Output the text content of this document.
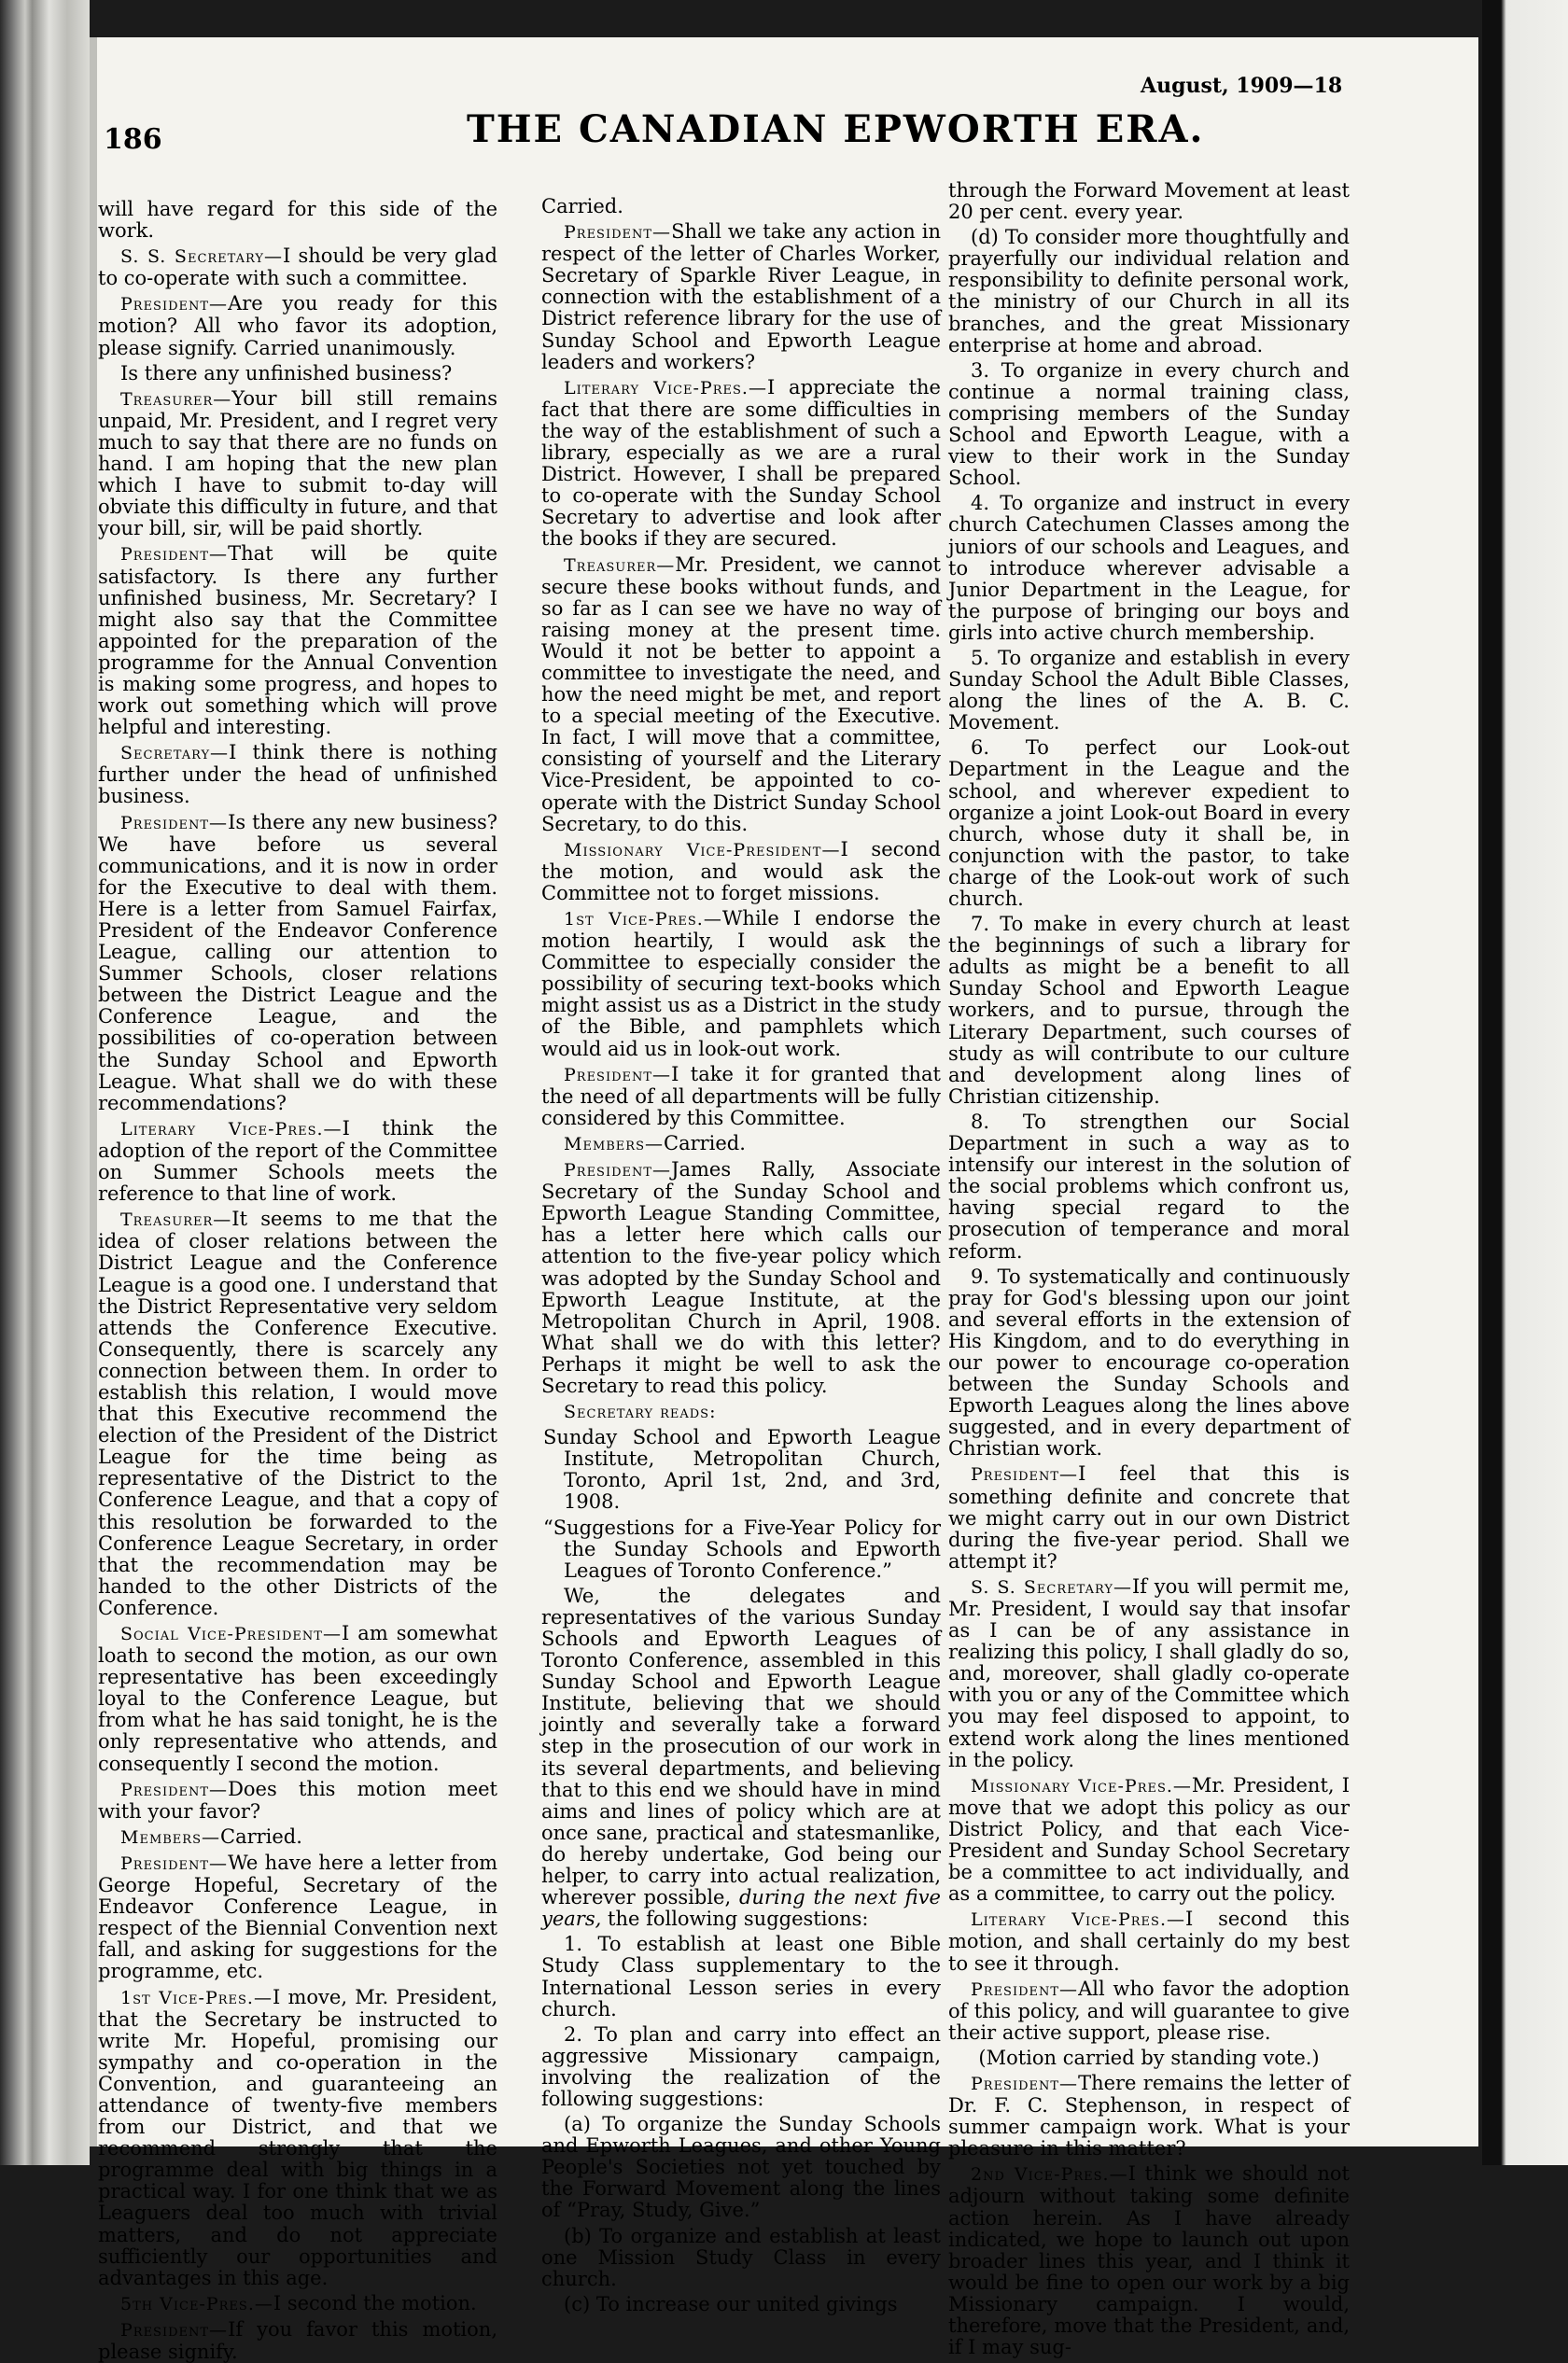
186	THE CANADIAN EPWORTH ERA.
August, 1909—18

will have regard for this side of the work.

S. S. Secretary—I should be very glad to co-operate with such a committee.

President—Are you ready for this motion? All who favor its adoption, please signify. Carried unanimously.

Is there any unfinished business?

Treasurer—Your bill still remains unpaid, Mr. President, and I regret very much to say that there are no funds on hand. I am hoping that the new plan which I have to submit to-day will obviate this difficulty in future, and that your bill, sir, will be paid shortly.

President—That will be quite satisfactory. Is there any further unfinished business, Mr. Secretary? I might also say that the Committee appointed for the preparation of the programme for the Annual Convention is making some progress, and hopes to work out something which will prove helpful and interesting.

Secretary—I think there is nothing further under the head of unfinished business.

President—Is there any new business? We have before us several communications, and it is now in order for the Executive to deal with them. Here is a letter from Samuel Fairfax, President of the Endeavor Conference League, calling our attention to Summer Schools, closer relations between the District League and the Conference League, and the possibilities of co-operation between the Sunday School and Epworth League. What shall we do with these recommendations?

Literary Vice-Pres.—I think the adoption of the report of the Committee on Summer Schools meets the reference to that line of work.

Treasurer—It seems to me that the idea of closer relations between the District League and the Conference League is a good one. I understand that the District Representative very seldom attends the Conference Executive. Consequently, there is scarcely any connection between them. In order to establish this relation, I would move that this Executive recommend the election of the President of the District League for the time being as representative of the District to the Conference League, and that a copy of this resolution be forwarded to the Conference League Secretary, in order that the recommendation may be handed to the other Districts of the Conference.

Social Vice-President—I am somewhat loath to second the motion, as our own representative has been exceedingly loyal to the Conference League, but from what he has said tonight, he is the only representative who attends, and consequently I second the motion.

President—Does this motion meet with your favor?

Members—Carried.

President—We have here a letter from George Hopeful, Secretary of the Endeavor Conference League, in respect of the Biennial Convention next fall, and asking for suggestions for the programme, etc.

1st Vice-Pres.—I move, Mr. President, that the Secretary be instructed to write Mr. Hopeful, promising our sympathy and co-operation in the Convention, and guaranteeing an attendance of twenty-five members from our District, and that we recommend strongly that the programme deal with big things in a practical way. I for one think that we as Leaguers deal too much with trivial matters, and do not appreciate sufficiently our opportunities and advantages in this age.

5th Vice-Pres.—I second the motion.

President—If you favor this motion, please signify.

Carried.

President—Shall we take any action in respect of the letter of Charles Worker, Secretary of Sparkle River League, in connection with the establishment of a District reference library for the use of Sunday School and Epworth League leaders and workers?

Literary Vice-Pres.—I appreciate the fact that there are some difficulties in the way of the establishment of such a library, especially as we are a rural District. However, I shall be prepared to co-operate with the Sunday School Secretary to advertise and look after the books if they are secured.

Treasurer—Mr. President, we cannot secure these books without funds, and so far as I can see we have no way of raising money at the present time. Would it not be better to appoint a committee to investigate the need, and how the need might be met, and report to a special meeting of the Executive. In fact, I will move that a committee, consisting of yourself and the Literary Vice-President, be appointed to co-operate with the District Sunday School Secretary, to do this.

Missionary Vice-President—I second the motion, and would ask the Committee not to forget missions.

1st Vice-Pres.—While I endorse the motion heartily, I would ask the Committee to especially consider the possibility of securing text-books which might assist us as a District in the study of the Bible, and pamphlets which would aid us in look-out work.

President—I take it for granted that the need of all departments will be fully considered by this Committee.

Members—Carried.

President—James Rally, Associate Secretary of the Sunday School and Epworth League Standing Committee, has a letter here which calls our attention to the five-year policy which was adopted by the Sunday School and Epworth League Institute, at the Metropolitan Church in April, 1908. What shall we do with this letter? Perhaps it might be well to ask the Secretary to read this policy.

Secretary reads:

Sunday School and Epworth League Institute, Metropolitan Church, Toronto, April 1st, 2nd, and 3rd, 1908.

“Suggestions for a Five-Year Policy for the Sunday Schools and Epworth Leagues of Toronto Conference.”

We, the delegates and representatives of the various Sunday Schools and Epworth Leagues of Toronto Conference, assembled in this Sunday School and Epworth League Institute, believing that we should jointly and severally take a forward step in the prosecution of our work in its several departments, and believing that to this end we should have in mind aims and lines of policy which are at once sane, practical and statesmanlike, do hereby undertake, God being our helper, to carry into actual realization, wherever possible, during the next five years, the following suggestions:

1. To establish at least one Bible Study Class supplementary to the International Lesson series in every church.

2. To plan and carry into effect an aggressive Missionary campaign, involving the realization of the following suggestions:

(a) To organize the Sunday Schools and Epworth Leagues, and other Young People's Societies not yet touched by the Forward Movement along the lines of “Pray, Study, Give.”

(b) To organize and establish at least one Mission Study Class in every church.

(c) To increase our united givings

through the Forward Movement at least 20 per cent. every year.

(d) To consider more thoughtfully and prayerfully our individual relation and responsibility to definite personal work, the ministry of our Church in all its branches, and the great Missionary enterprise at home and abroad.

3. To organize in every church and continue a normal training class, comprising members of the Sunday School and Epworth League, with a view to their work in the Sunday School.

4. To organize and instruct in every church Catechumen Classes among the juniors of our schools and Leagues, and to introduce wherever advisable a Junior Department in the League, for the purpose of bringing our boys and girls into active church membership.

5. To organize and establish in every Sunday School the Adult Bible Classes, along the lines of the A. B. C. Movement.

6. To perfect our Look-out Department in the League and the school, and wherever expedient to organize a joint Look-out Board in every church, whose duty it shall be, in conjunction with the pastor, to take charge of the Look-out work of such church.

7. To make in every church at least the beginnings of such a library for adults as might be a benefit to all Sunday School and Epworth League workers, and to pursue, through the Literary Department, such courses of study as will contribute to our culture and development along lines of Christian citizenship.

8. To strengthen our Social Department in such a way as to intensify our interest in the solution of the social problems which confront us, having special regard to the prosecution of temperance and moral reform.

9. To systematically and continuously pray for God's blessing upon our joint and several efforts in the extension of His Kingdom, and to do everything in our power to encourage co-operation between the Sunday Schools and Epworth Leagues along the lines above suggested, and in every department of Christian work.

President—I feel that this is something definite and concrete that we might carry out in our own District during the five-year period. Shall we attempt it?

S. S. Secretary—If you will permit me, Mr. President, I would say that insofar as I can be of any assistance in realizing this policy, I shall gladly do so, and, moreover, shall gladly co-operate with you or any of the Committee which you may feel disposed to appoint, to extend work along the lines mentioned in the policy.

Missionary Vice-Pres.—Mr. President, I move that we adopt this policy as our District Policy, and that each Vice-President and Sunday School Secretary be a committee to act individually, and as a committee, to carry out the policy.

Literary Vice-Pres.—I second this motion, and shall certainly do my best to see it through.

President—All who favor the adoption of this policy, and will guarantee to give their active support, please rise.

(Motion carried by standing vote.)

President—There remains the letter of Dr. F. C. Stephenson, in respect of summer campaign work. What is your pleasure in this matter?

2nd Vice-Pres.—I think we should not adjourn without taking some definite action herein. As I have already indicated, we hope to launch out upon broader lines this year, and I think it would be fine to open our work by a big Missionary campaign. I would, therefore, move that the President, and, if I may sug-
